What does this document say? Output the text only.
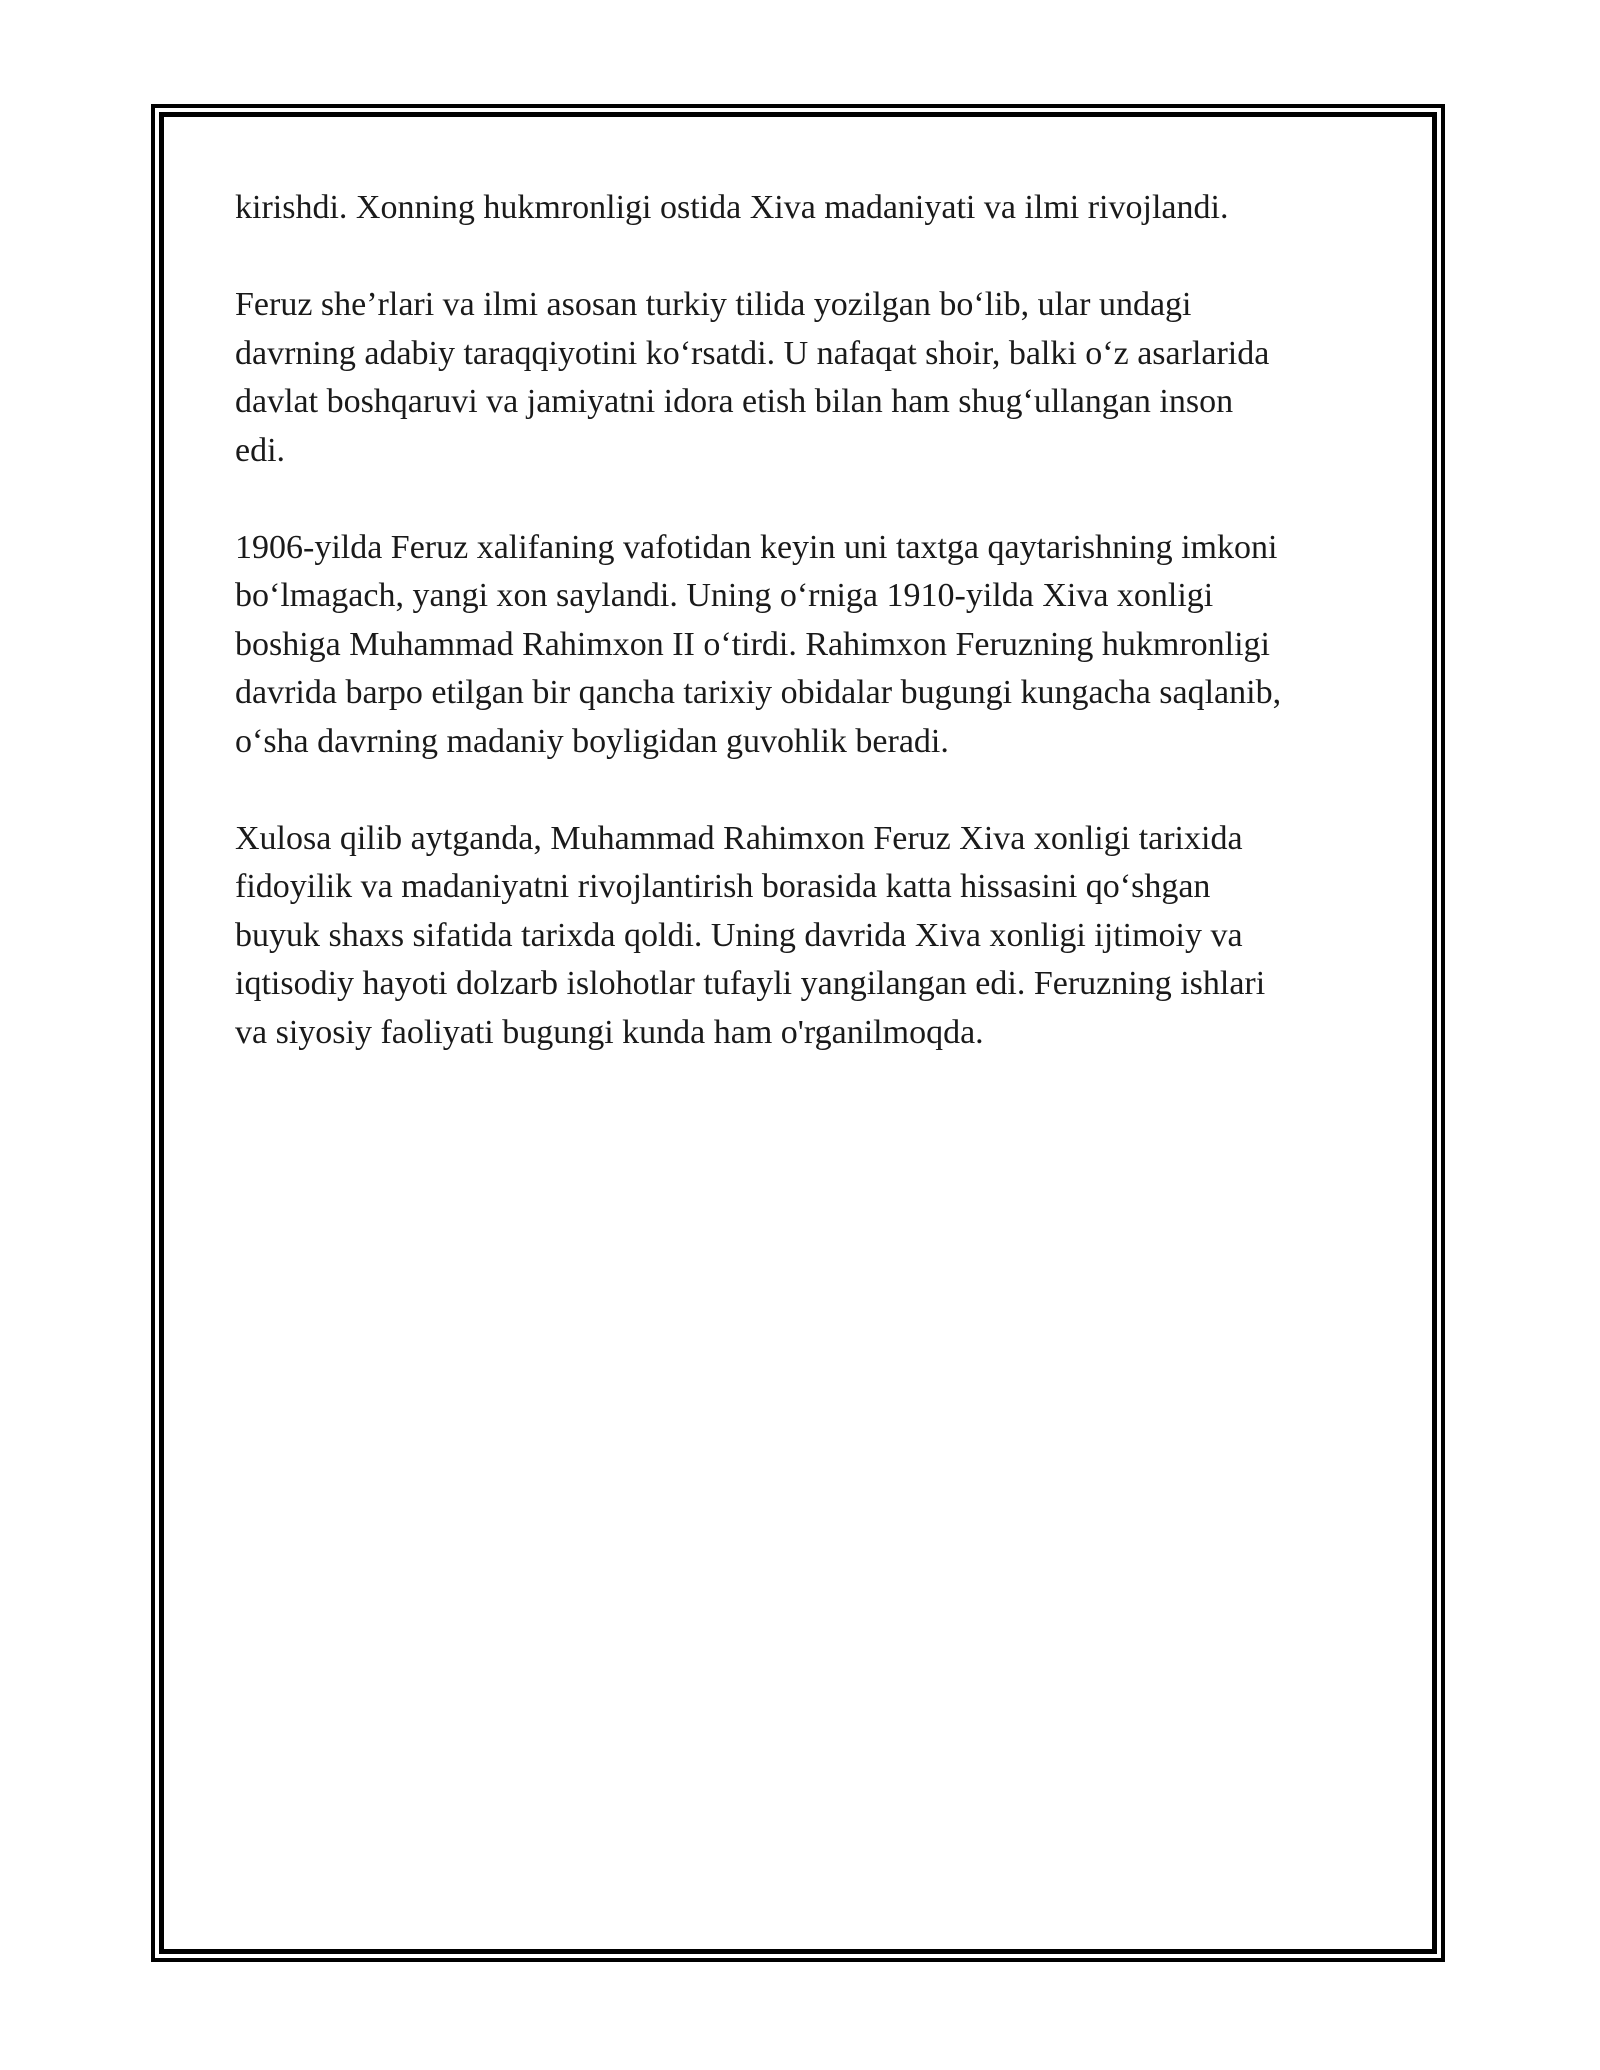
kirishdi. Xonning hukmronligi ostida Xiva madaniyati va ilmi rivojlandi.

Feruz she’rlari va ilmi asosan turkiy tilida yozilgan bo‘lib, ular undagi
davrning adabiy taraqqiyotini ko‘rsatdi. U nafaqat shoir, balki o‘z asarlarida
davlat boshqaruvi va jamiyatni idora etish bilan ham shug‘ullangan inson
edi.

1906-yilda Feruz xalifaning vafotidan keyin uni taxtga qaytarishning imkoni
bo‘lmagach, yangi xon saylandi. Uning o‘rniga 1910-yilda Xiva xonligi
boshiga Muhammad Rahimxon II o‘tirdi. Rahimxon Feruzning hukmronligi
davrida barpo etilgan bir qancha tarixiy obidalar bugungi kungacha saqlanib,
o‘sha davrning madaniy boyligidan guvohlik beradi.

Xulosa qilib aytganda, Muhammad Rahimxon Feruz Xiva xonligi tarixida
fidoyilik va madaniyatni rivojlantirish borasida katta hissasini qo‘shgan
buyuk shaxs sifatida tarixda qoldi. Uning davrida Xiva xonligi ijtimoiy va
iqtisodiy hayoti dolzarb islohotlar tufayli yangilangan edi. Feruzning ishlari
va siyosiy faoliyati bugungi kunda ham o'rganilmoqda.
